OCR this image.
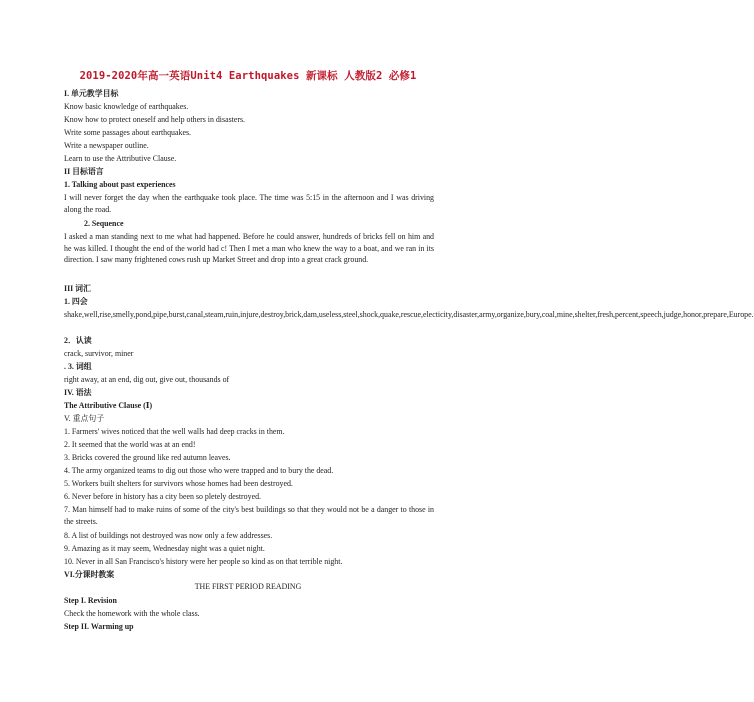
2019-2020年高一英语Unit4 Earthquakes 新课标 人教版2 必修1
I. 单元教学目标
Know basic knowledge of earthquakes.
Know how to protect oneself and help others in disasters.
Write some passages about earthquakes.
Write a newspaper outline.
Learn to use the Attributive Clause.
II 目标语言
1. Talking about past experiences
I will never forget the day when the earthquake took place. The time was 5:15 in the afternoon and I was driving along the road.
2. Sequence
I asked a man standing next to me what had happened. Before he could answer, hundreds of bricks fell on him and he was killed. I thought the end of the world had c! Then I met a man who knew the way to a boat, and we ran in its direction. I saw many frightened cows rush up Market Street and drop into a great crack ground.
III 词汇
1. 四会
shake,well,rise,smelly,pond,pipe,burst,canal,steam,ruin,injure,destroy,brick,dam,useless,steel,shock,quake,rescue,electicity,disaster,army,organize,bury,coal,mine,shelter,fresh,percent,speech,judge,honor,prepare,Europe.
2．认读
crack, survivor, miner
. 3. 词组
right away, at an end, dig out, give out, thousands of
IV. 语法
The Attributive Clause (Ⅰ)
V. 重点句子
1. Farmers' wives noticed that the well walls had deep cracks in them.
2. It seemed that the world was at an end!
3. Bricks covered the ground like red autumn leaves.
4. The army organized teams to dig out those who were trapped and to bury the dead.
5. Workers built shelters for survivors whose homes had been destroyed.
6. Never before in history has a city been so pletely destroyed.
7. Man himself had to make ruins of some of the city's best buildings so that they would not be a danger to those in the streets.
8. A list of buildings not destroyed was now only a few addresses.
9. Amazing as it may seem, Wednesday night was a quiet night.
10. Never in all San Francisco's history were her people so kind as on that terrible night.
VI.分课时教案
THE FIRST PERIOD READING
Step I. Revision
Check the homework with the whole class.
Step II. Warming up
